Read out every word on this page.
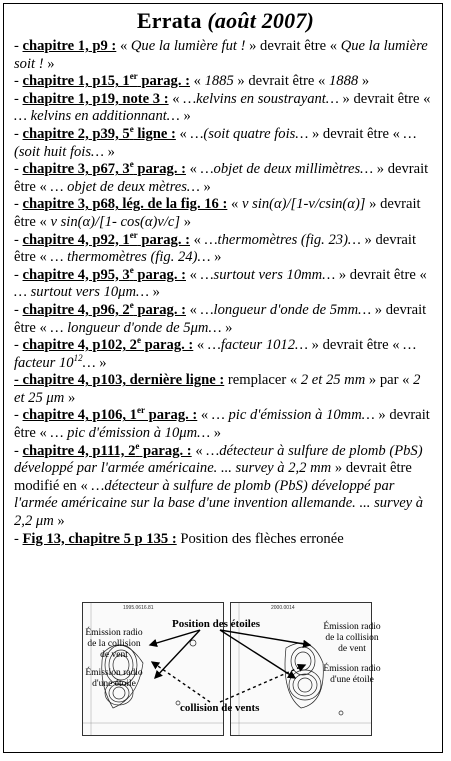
Errata (août 2007)

- chapitre 1, p9 : « Que la lumière fut ! » devrait être « Que la lumière soit ! »

- chapitre 1, p15, 1er parag. : « 1885 » devrait être « 1888 »

- chapitre 1, p19, note 3 : « …kelvins en soustrayant… » devrait être « … kelvins en additionnant… »

- chapitre 2, p39, 5e ligne : « …(soit quatre fois… » devrait être « … (soit huit fois… »

- chapitre 3, p67, 3e parag. : « …objet de deux millimètres… » devrait être « … objet de deux mètres… »

- chapitre 3, p68, lég. de la fig. 16 : « v sin(α)/[1-v/csin(α)] » devrait être « v sin(α)/[1- cos(α)v/c] »

- chapitre 4, p92, 1er parag. : « …thermomètres (fig. 23)… » devrait être « … thermomètres (fig. 24)… »

- chapitre 4, p95, 3e parag. : « …surtout vers 10mm… » devrait être « … surtout vers 10μm… »

- chapitre 4, p96, 2e parag. : « …longueur d'onde de 5mm… » devrait être « … longueur d'onde de 5μm… »

- chapitre 4, p102, 2e parag. : « …facteur 1012… » devrait être « …facteur $10^{12}\dots$ »

- chapitre 4, p103, dernière ligne : remplacer « 2 et 25 mm » par « 2 et 25 μm »

- chapitre 4, p106, 1er parag. : « … pic d'émission à 10mm… » devrait être « … pic d'émission à 10μm… »

- chapitre 4, p111, 2e parag. : « …détecteur à sulfure de plomb (PbS) développé par l'armée américaine. ... survey à 2,2 mm » devrait être modifié en « …détecteur à sulfure de plomb (PbS) développé par l'armée américaine sur la base d'une invention allemande. ... survey à 2,2 μm »

- Fig 13, chapitre 5 p 135 : Position des flèches erronée

1995.0616.81	2000.0014
Position des étoiles
collision de vents
Émission radio de la collision de vent
Émission radio d'une étoile
Émission radio de la collision de vent
Émission radio d'une étoile
